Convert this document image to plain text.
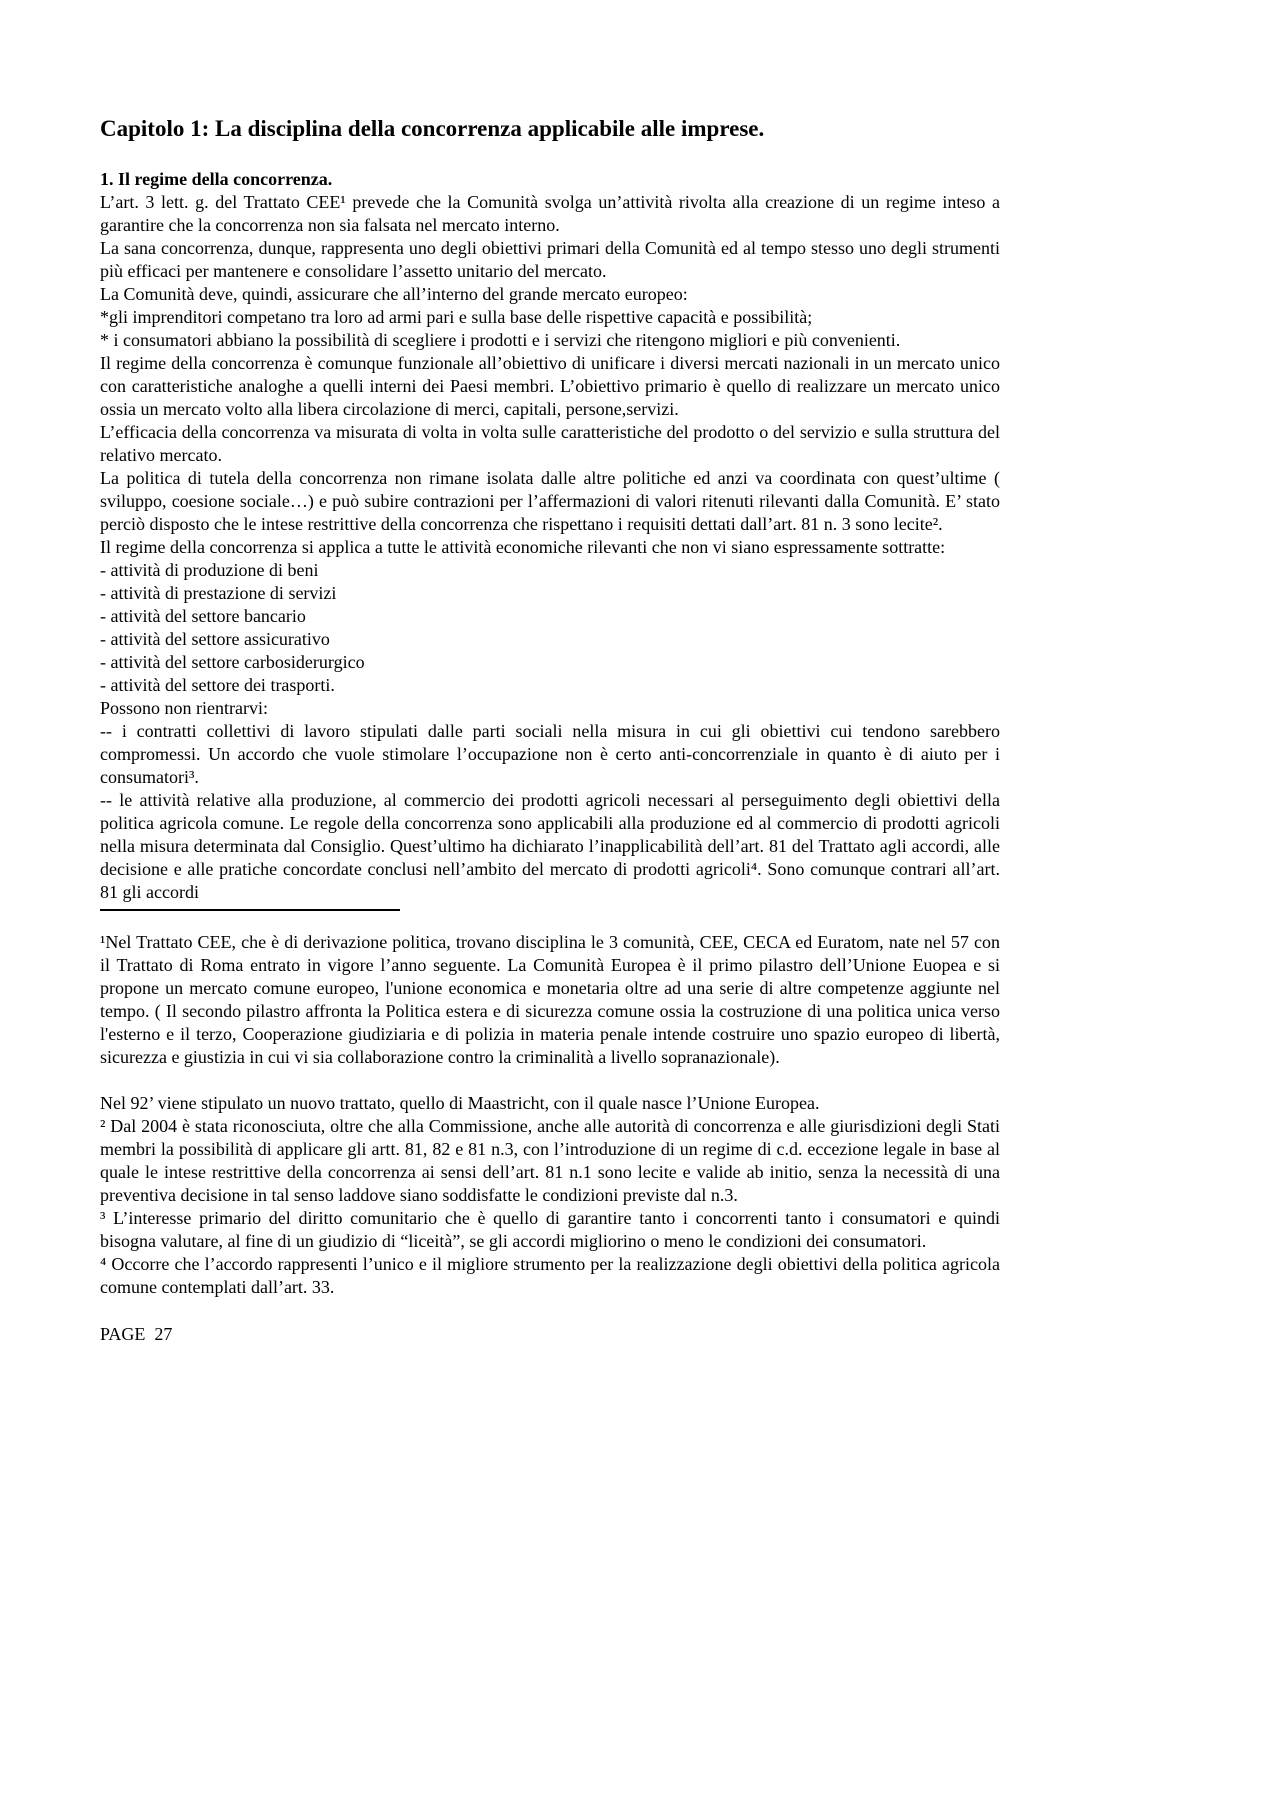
Capitolo 1: La disciplina della concorrenza applicabile alle imprese.
1. Il regime della concorrenza.

L’art. 3 lett. g. del Trattato CEE¹ prevede che la Comunità svolga un’attività rivolta alla creazione di un regime inteso a garantire che la concorrenza non sia falsata nel mercato interno.

La sana concorrenza, dunque, rappresenta uno degli obiettivi primari della Comunità ed al tempo stesso uno degli strumenti più efficaci per mantenere e consolidare l’assetto unitario del mercato.

La Comunità deve, quindi, assicurare che all’interno del grande mercato europeo:

*gli imprenditori competano tra loro ad armi pari e sulla base delle rispettive capacità e possibilità;

* i consumatori abbiano la possibilità di scegliere i prodotti e i servizi che ritengono migliori e più convenienti.

Il regime della concorrenza è comunque funzionale all’obiettivo di unificare i diversi mercati nazionali in un mercato unico con caratteristiche analoghe a quelli interni dei Paesi membri. L’obiettivo primario è quello di realizzare un mercato unico ossia un mercato volto alla libera circolazione di merci, capitali, persone,servizi.

L’efficacia della concorrenza va misurata di volta in volta sulle caratteristiche del prodotto o del servizio e sulla struttura del relativo mercato.

La politica di tutela della concorrenza non rimane isolata dalle altre politiche ed anzi va coordinata con quest’ultime ( sviluppo, coesione sociale…) e può subire contrazioni per l’affermazioni di valori ritenuti rilevanti dalla Comunità. E’ stato perciò disposto che le intese restrittive della concorrenza che rispettano i requisiti dettati dall’art. 81 n. 3 sono lecite².

Il regime della concorrenza si applica a tutte le attività economiche rilevanti che non vi siano espressamente sottratte:

- attività di produzione di beni

- attività di prestazione di servizi

- attività del settore bancario

- attività del settore assicurativo

- attività del settore carbosiderurgico

- attività del settore dei trasporti.

Possono non rientrarvi:

-- i contratti collettivi di lavoro stipulati dalle parti sociali nella misura in cui gli obiettivi cui tendono sarebbero compromessi. Un accordo che vuole stimolare l’occupazione non è certo anti-concorrenziale in quanto è di aiuto per i consumatori³.

-- le attività relative alla produzione, al commercio dei prodotti agricoli necessari al perseguimento degli obiettivi della politica agricola comune. Le regole della concorrenza sono applicabili alla produzione ed al commercio di prodotti agricoli nella misura determinata dal Consiglio. Quest’ultimo ha dichiarato l’inapplicabilità dell’art. 81 del Trattato agli accordi, alle decisione e alle pratiche concordate conclusi nell’ambito del mercato di prodotti agricoli⁴. Sono comunque contrari all’art. 81 gli accordi

¹Nel Trattato CEE, che è di derivazione politica, trovano disciplina le 3 comunità, CEE, CECA ed Euratom, nate nel 57 con il Trattato di Roma entrato in vigore l’anno seguente. La Comunità Europea è il primo pilastro dell’Unione Euopea e si propone un mercato comune europeo, l'unione economica e monetaria oltre ad una serie di altre competenze aggiunte nel tempo. ( Il secondo pilastro affronta la Politica estera e di sicurezza comune ossia la costruzione di una politica unica verso l'esterno e il terzo, Cooperazione giudiziaria e di polizia in materia penale intende costruire uno spazio europeo di libertà, sicurezza e giustizia in cui vi sia collaborazione contro la criminalità a livello sopranazionale).

Nel 92’ viene stipulato un nuovo trattato, quello di Maastricht, con il quale nasce l’Unione Europea.

² Dal 2004 è stata riconosciuta, oltre che alla Commissione, anche alle autorità di concorrenza e alle giurisdizioni degli Stati membri la possibilità di applicare gli artt. 81, 82 e 81 n.3, con l’introduzione di un regime di c.d. eccezione legale in base al quale le intese restrittive della concorrenza ai sensi dell’art. 81 n.1 sono lecite e valide ab initio, senza la necessità di una preventiva decisione in tal senso laddove siano soddisfatte le condizioni previste dal n.3.

³ L’interesse primario del diritto comunitario che è quello di garantire tanto i concorrenti tanto i consumatori e quindi bisogna valutare, al fine di un giudizio di “liceità”, se gli accordi migliorino o meno le condizioni dei consumatori.

⁴ Occorre che l’accordo rappresenti l’unico e il migliore strumento per la realizzazione degli obiettivi della politica agricola comune contemplati dall’art. 33.

PAGE  27
